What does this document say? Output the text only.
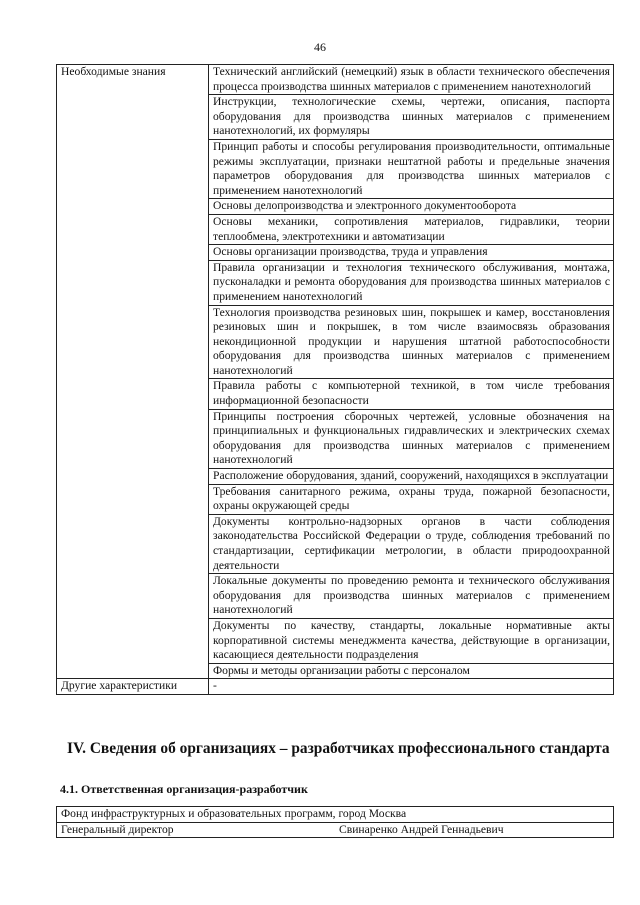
46
Необходимые знания	Технический английский (немецкий) язык в области технического обеспечения процесса производства шинных материалов с применением нанотехнологий
	Инструкции, технологические схемы, чертежи, описания, паспорта оборудования для производства шинных материалов с применением нанотехнологий, их формуляры
	Принцип работы и способы регулирования производительности, оптимальные режимы эксплуатации, признаки нештатной работы и предельные значения параметров оборудования для производства шинных материалов с применением нанотехнологий
	Основы делопроизводства и электронного документооборота
	Основы механики, сопротивления материалов, гидравлики, теории теплообмена, электротехники и автоматизации
	Основы организации производства, труда и управления
	Правила организации и технология технического обслуживания, монтажа, пусконаладки и ремонта оборудования для производства шинных материалов с применением нанотехнологий
	Технология производства резиновых шин, покрышек и камер, восстановления резиновых шин и покрышек, в том числе взаимосвязь образования некондиционной продукции и нарушения штатной работоспособности оборудования для производства шинных материалов с применением нанотехнологий
	Правила работы с компьютерной техникой, в том числе требования информационной безопасности
	Принципы построения сборочных чертежей, условные обозначения на принципиальных и функциональных гидравлических и электрических схемах оборудования для производства шинных материалов с применением нанотехнологий
	Расположение оборудования, зданий, сооружений, находящихся в эксплуатации
	Требования санитарного режима, охраны труда, пожарной безопасности, охраны окружающей среды
	Документы контрольно-надзорных органов в части соблюдения законодательства Российской Федерации о труде, соблюдения требований по стандартизации, сертификации метрологии, в области природоохранной деятельности
	Локальные документы по проведению ремонта и технического обслуживания оборудования для производства шинных материалов с применением нанотехнологий
	Документы по качеству, стандарты, локальные нормативные акты корпоративной системы менеджмента качества, действующие в организации, касающиеся деятельности подразделения
	Формы и методы организации работы с персоналом
Другие характеристики	-
IV. Сведения об организациях – разработчиках профессионального стандарта
4.1. Ответственная организация-разработчик
Фонд инфраструктурных и образовательных программ, город Москва
Генеральный директор	Свинаренко Андрей Геннадьевич
